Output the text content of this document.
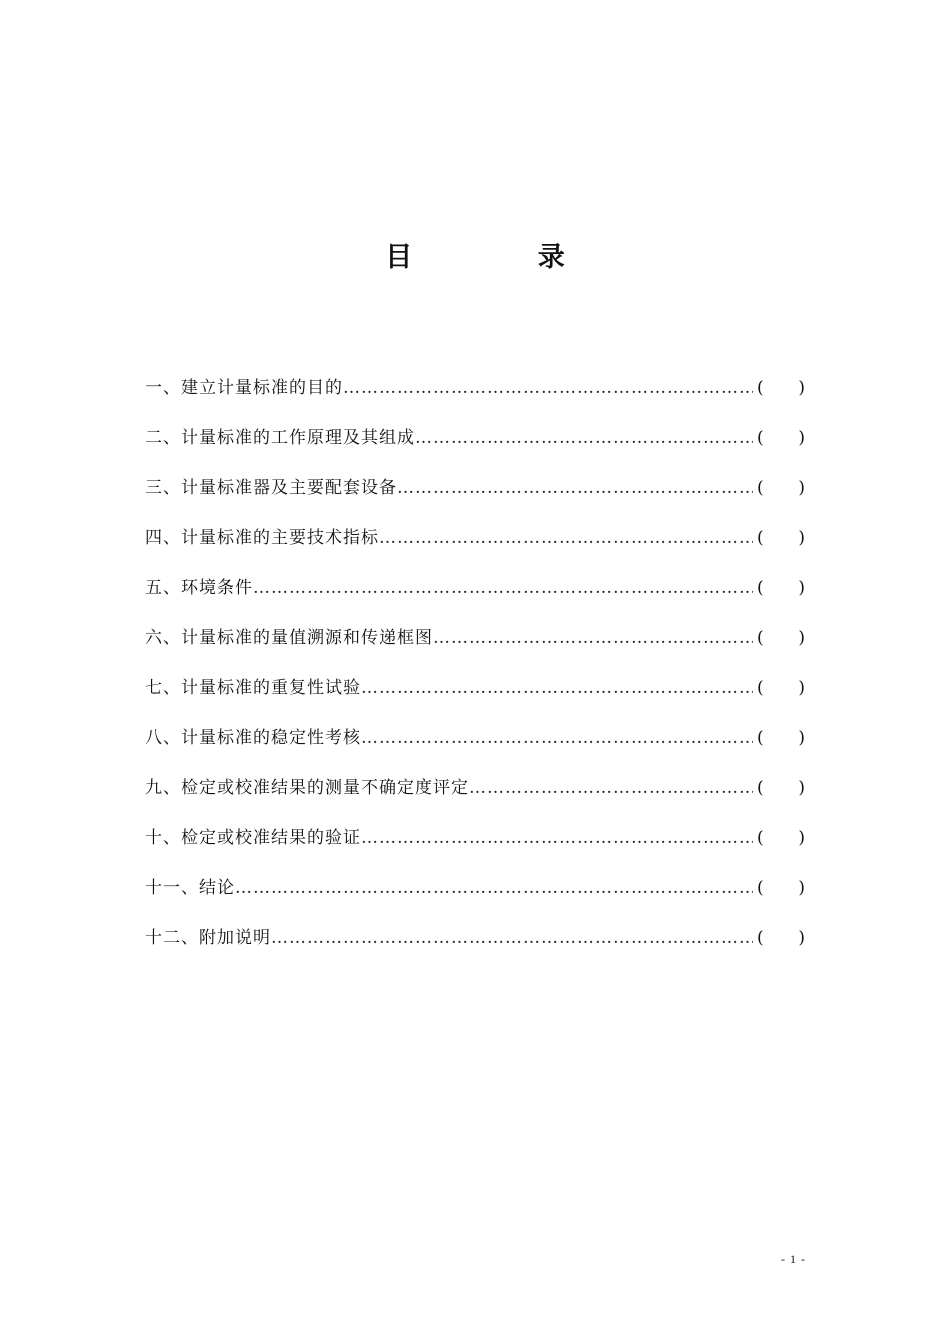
目 录
一、建立计量标准的目的 ……………………………………………………………………………………………………………………………………………………	( )
二、计量标准的工作原理及其组成 ……………………………………………………………………………………………………………………………………………………	( )
三、计量标准器及主要配套设备 ……………………………………………………………………………………………………………………………………………………	( )
四、计量标准的主要技术指标 ……………………………………………………………………………………………………………………………………………………	( )
五、环境条件 ……………………………………………………………………………………………………………………………………………………	( )
六、计量标准的量值溯源和传递框图 ……………………………………………………………………………………………………………………………………………………	( )
七、计量标准的重复性试验 ……………………………………………………………………………………………………………………………………………………	( )
八、计量标准的稳定性考核 ……………………………………………………………………………………………………………………………………………………	( )
九、检定或校准结果的测量不确定度评定 ……………………………………………………………………………………………………………………………………………………	( )
十、检定或校准结果的验证 ……………………………………………………………………………………………………………………………………………………	( )
十一、结论 ……………………………………………………………………………………………………………………………………………………	( )
十二、附加说明 ……………………………………………………………………………………………………………………………………………………	( )
- 1 -
